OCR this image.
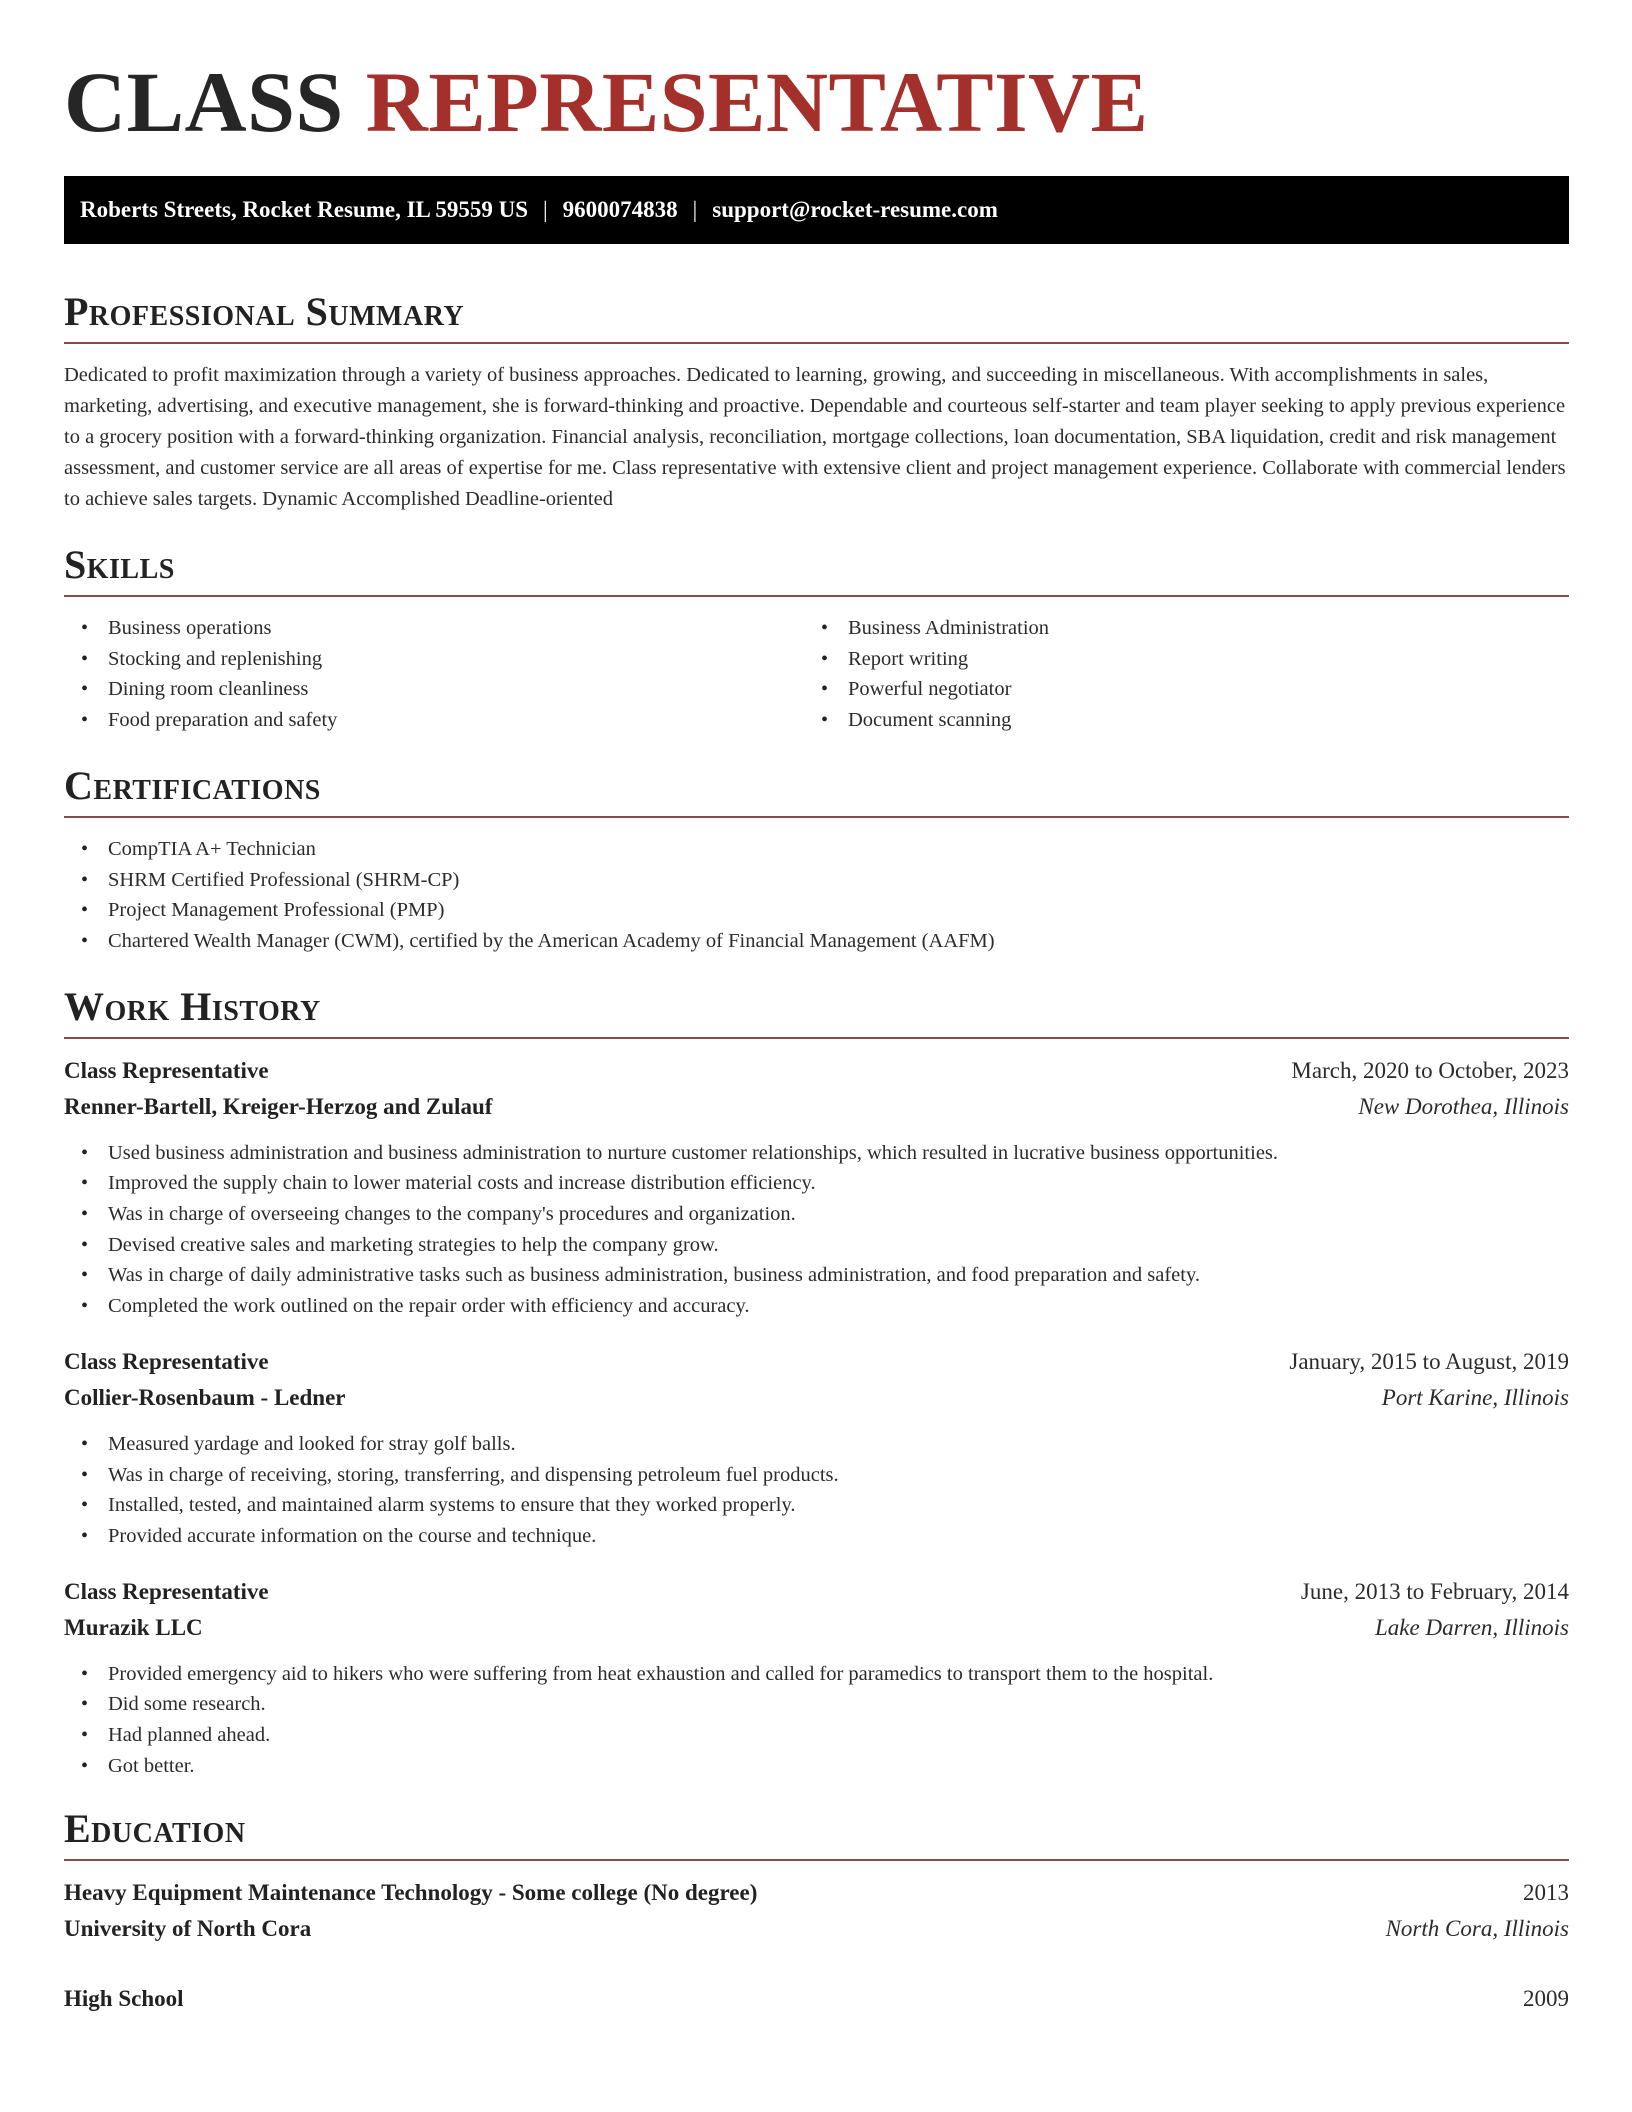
CLASS REPRESENTATIVE
Roberts Streets, Rocket Resume, IL 59559 US | 9600074838 | support@rocket-resume.com
Professional Summary

Dedicated to profit maximization through a variety of business approaches. Dedicated to learning, growing, and succeeding in miscellaneous. With accomplishments in sales, marketing, advertising, and executive management, she is forward-thinking and proactive. Dependable and courteous self-starter and team player seeking to apply previous experience to a grocery position with a forward-thinking organization. Financial analysis, reconciliation, mortgage collections, loan documentation, SBA liquidation, credit and risk management assessment, and customer service are all areas of expertise for me. Class representative with extensive client and project management experience. Collaborate with commercial lenders to achieve sales targets. Dynamic Accomplished Deadline-oriented

Skills
• Business operations
• Stocking and replenishing
• Dining room cleanliness
• Food preparation and safety
• Business Administration
• Report writing
• Powerful negotiator
• Document scanning
Certifications
• CompTIA A+ Technician
• SHRM Certified Professional (SHRM-CP)
• Project Management Professional (PMP)
• Chartered Wealth Manager (CWM), certified by the American Academy of Financial Management (AAFM)
Work History
Class Representative	March, 2020 to October, 2023
Renner-Bartell, Kreiger-Herzog and Zulauf	New Dorothea, Illinois
• Used business administration and business administration to nurture customer relationships, which resulted in lucrative business opportunities.
• Improved the supply chain to lower material costs and increase distribution efficiency.
• Was in charge of overseeing changes to the company's procedures and organization.
• Devised creative sales and marketing strategies to help the company grow.
• Was in charge of daily administrative tasks such as business administration, business administration, and food preparation and safety.
• Completed the work outlined on the repair order with efficiency and accuracy.
Class Representative	January, 2015 to August, 2019
Collier-Rosenbaum - Ledner	Port Karine, Illinois
• Measured yardage and looked for stray golf balls.
• Was in charge of receiving, storing, transferring, and dispensing petroleum fuel products.
• Installed, tested, and maintained alarm systems to ensure that they worked properly.
• Provided accurate information on the course and technique.
Class Representative	June, 2013 to February, 2014
Murazik LLC	Lake Darren, Illinois
• Provided emergency aid to hikers who were suffering from heat exhaustion and called for paramedics to transport them to the hospital.
• Did some research.
• Had planned ahead.
• Got better.
Education
Heavy Equipment Maintenance Technology - Some college (No degree)	2013
University of North Cora	North Cora, Illinois
High School	2009
